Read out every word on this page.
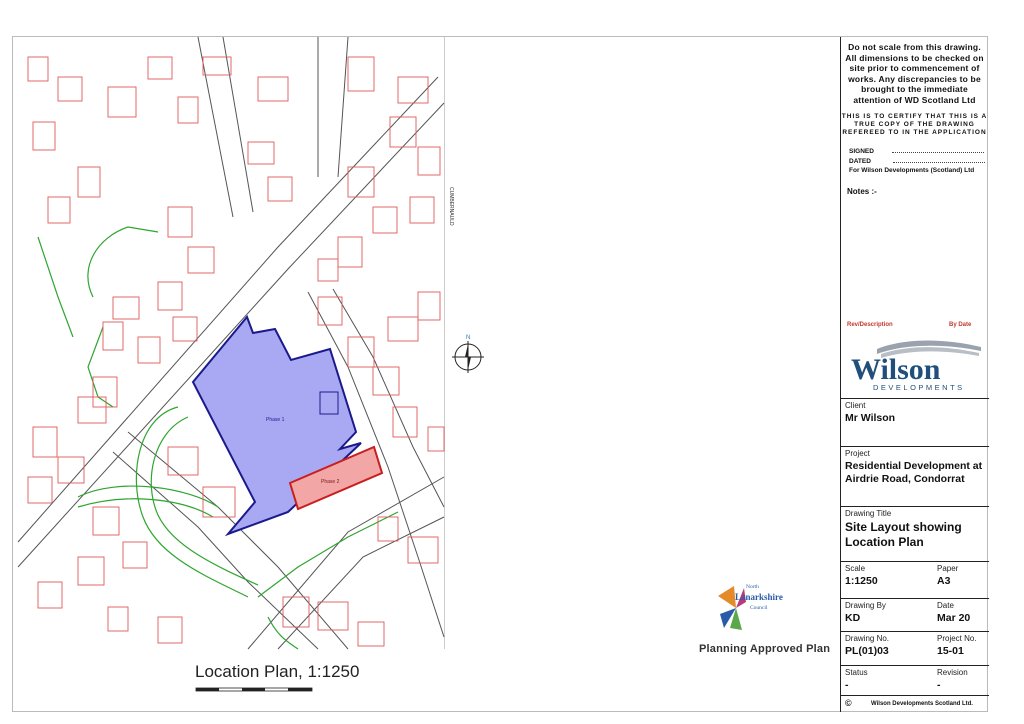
Phase 1
Phase 2
CUMBERNAULD
Location Plan, 1:1250
N
North
Lanarkshire
Council
Planning Approved Plan
Do not scale from this drawing. All dimensions to be checked on site prior to commencement of works. Any discrepancies to be brought to the immediate attention of WD Scotland Ltd
THIS IS TO CERTIFY THAT THIS IS A TRUE COPY OF THE DRAWING REFEREED TO IN THE APPLICATION
SIGNED
DATED
For Wilson Developments (Scotland) Ltd
Notes :-
Rev/Description	By Date
Wilson
DEVELOPMENTS
Client
Mr Wilson
Project
Residential Development at Airdrie Road, Condorrat
Drawing Title
Site Layout showing Location Plan
Scale
1:1250
Paper
A3
Drawing By
KD
Date
Mar 20
Drawing No.
PL(01)03
Project No.
15-01
Status
-
Revision
-
©	Wilson Developments Scotland Ltd.
